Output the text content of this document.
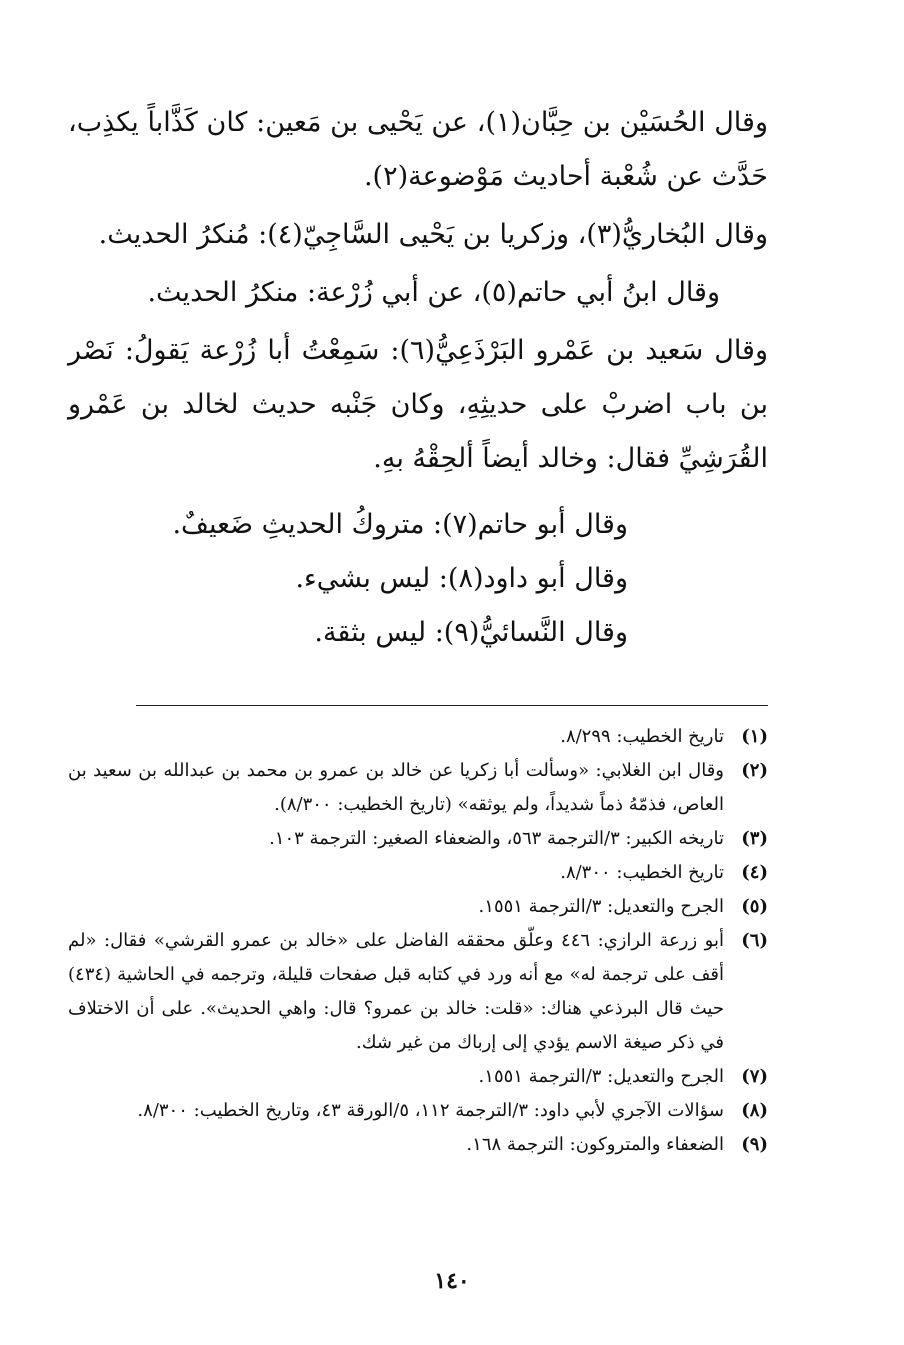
وقال الحُسَيْن بن حِبَّان(١)، عن يَحْيى بن مَعين: كان كَذَّاباً يكذِب، حَدَّث عن شُعْبة أحاديث مَوْضوعة(٢).

وقال البُخاريُّ(٣)، وزكريا بن يَحْيى السَّاجِيّ(٤): مُنكرُ الحديث.

وقال ابنُ أبي حاتم(٥)، عن أبي زُرْعة: منكرُ الحديث.

وقال سَعيد بن عَمْرو البَرْذَعِيُّ(٦): سَمِعْتُ أبا زُرْعة يَقولُ: نَصْر بن باب اضربْ على حديثِهِ، وكان جَنْبه حديث لخالد بن عَمْرو القُرَشِيِّ فقال: وخالد أيضاً ألحِقْهُ بهِ.

وقال أبو حاتم(٧): متروكُ الحديثِ ضَعيفٌ.

وقال أبو داود(٨): ليس بشيء.

وقال النَّسائيُّ(٩): ليس بثقة.

(١)
تاريخ الخطيب: ٨/٢٩٩.
(٢)
وقال ابن الغلابي: «وسألت أبا زكريا عن خالد بن عمرو بن محمد بن عبدالله بن سعيد بن العاص، فذمّهُ ذماً شديداً، ولم يوثقه» (تاريخ الخطيب: ٨/٣٠٠).
(٣)
تاريخه الكبير: ٣/الترجمة ٥٦٣، والضعفاء الصغير: الترجمة ١٠٣.
(٤)
تاريخ الخطيب: ٨/٣٠٠.
(٥)
الجرح والتعديل: ٣/الترجمة ١٥٥١.
(٦)
أبو زرعة الرازي: ٤٤٦ وعلّق محققه الفاضل على «خالد بن عمرو القرشي» فقال: «لم أقف على ترجمة له» مع أنه ورد في كتابه قبل صفحات قليلة، وترجمه في الحاشية (٤٣٤) حيث قال البرذعي هناك: «قلت: خالد بن عمرو؟ قال: واهي الحديث». على أن الاختلاف في ذكر صيغة الاسم يؤدي إلى إرباك من غير شك.
(٧)
الجرح والتعديل: ٣/الترجمة ١٥٥١.
(٨)
سؤالات الآجري لأبي داود: ٣/الترجمة ١١٢، ٥/الورقة ٤٣، وتاريخ الخطيب: ٨/٣٠٠.
(٩)
الضعفاء والمتروكون: الترجمة ١٦٨.
١٤٠
